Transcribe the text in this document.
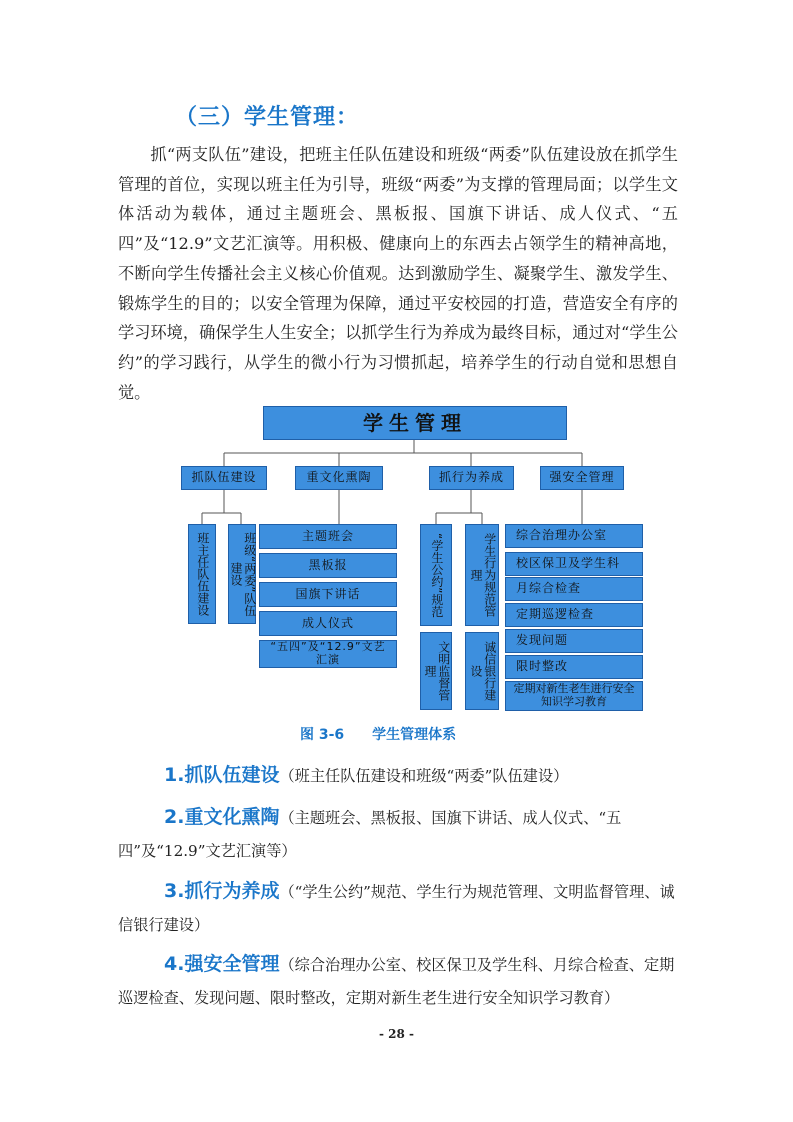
（三）学生管理：

抓“两支队伍”建设，把班主任队伍建设和班级“两委”队伍建设放在抓学生管理的首位，实现以班主任为引导，班级“两委”为支撑的管理局面；以学生文体活动为载体，通过主题班会、黑板报、国旗下讲话、成人仪式、“五四”及“12.9”文艺汇演等。用积极、健康向上的东西去占领学生的精神高地，不断向学生传播社会主义核心价值观。达到激励学生、凝聚学生、激发学生、锻炼学生的目的；以安全管理为保障，通过平安校园的打造，营造安全有序的学习环境，确保学生人生安全；以抓学生行为养成为最终目标，通过对“学生公约”的学习践行，从学生的微小行为习惯抓起，培养学生的行动自觉和思想自觉。

学生管理
抓队伍建设	重文化熏陶	抓行为养成	强安全管理
班主任队伍建设	班级“两委”队伍建设
主题班会
黑板报
国旗下讲话
成人仪式
“五四”及“12.9”文艺汇演
“学生公约”规范	学生行为规范管理
文明监督管理	诚信银行建设
综合治理办公室
校区保卫及学生科
月综合检查
定期巡逻检查
发现问题
限时整改
定期对新生老生进行安全知识学习教育
图 3-6 学生管理体系

1.抓队伍建设（班主任队伍建设和班级“两委”队伍建设）

2.重文化熏陶（主题班会、黑板报、国旗下讲话、成人仪式、“五四”及“12.9”文艺汇演等）

3.抓行为养成（“学生公约”规范、学生行为规范管理、文明监督管理、诚信银行建设）

4.强安全管理（综合治理办公室、校区保卫及学生科、月综合检查、定期巡逻检查、发现问题、限时整改，定期对新生老生进行安全知识学习教育）

- 28 -
